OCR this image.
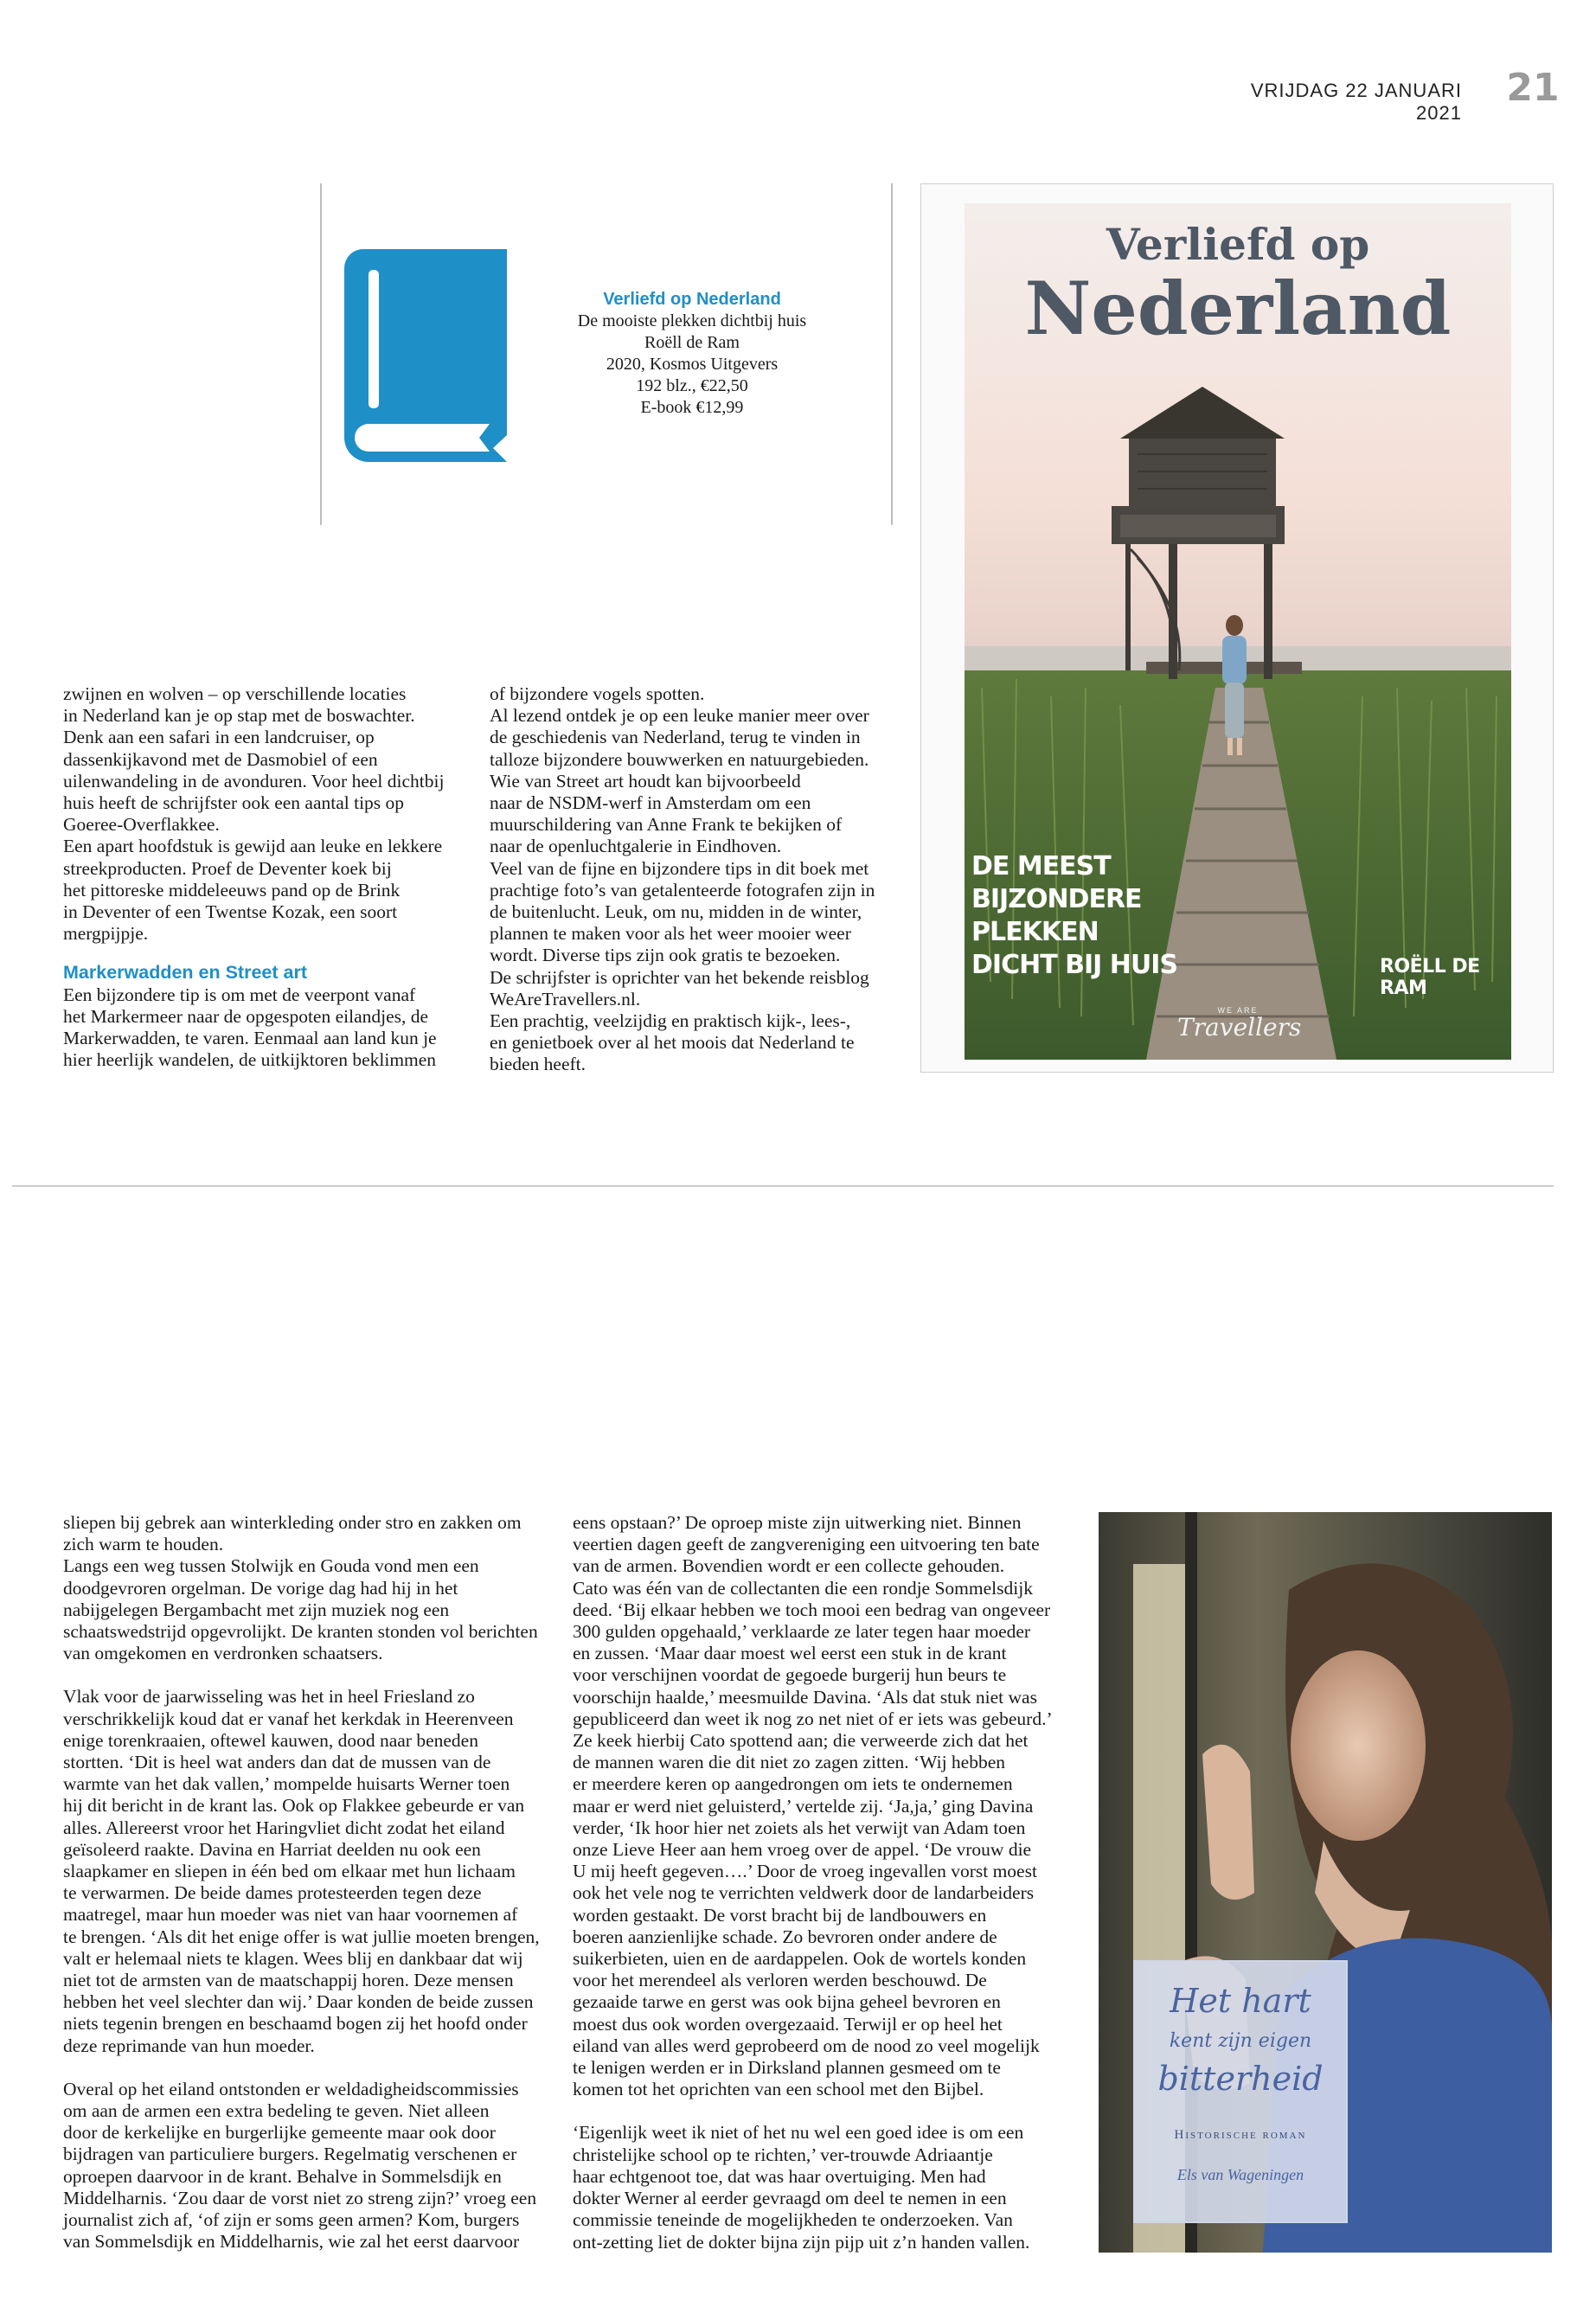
VRIJDAG 22 JANUARI 2021
21
Verliefd op Nederland
De mooiste plekken dichtbij huis
Roëll de Ram
2020, Kosmos Uitgevers
192 blz., €22,50
E-book €12,99
Verliefd op
Nederland
DE MEEST
BIJZONDERE
PLEKKEN
DICHT BIJ HUIS	ROËLL DE RAM
WE ARE
Travellers

zwijnen en wolven – op verschillende locaties

in Nederland kan je op stap met de boswachter.

Denk aan een safari in een landcruiser, op

dassenkijkavond met de Dasmobiel of een

uilenwandeling in de avonduren. Voor heel dichtbij

huis heeft de schrijfster ook een aantal tips op

Goeree-Overflakkee.

Een apart hoofdstuk is gewijd aan leuke en lekkere

streekproducten. Proef de Deventer koek bij

het pittoreske middeleeuws pand op de Brink

in Deventer of een Twentse Kozak, een soort

mergpijpje.

Markerwadden en Street art

Een bijzondere tip is om met de veerpont vanaf

het Markermeer naar de opgespoten eilandjes, de

Markerwadden, te varen. Eenmaal aan land kun je

hier heerlijk wandelen, de uitkijktoren beklimmen

of bijzondere vogels spotten.

Al lezend ontdek je op een leuke manier meer over

de geschiedenis van Nederland, terug te vinden in

talloze bijzondere bouwwerken en natuurgebieden.

Wie van Street art houdt kan bijvoorbeeld

naar de NSDM-werf in Amsterdam om een

muurschildering van Anne Frank te bekijken of

naar de openluchtgalerie in Eindhoven.

Veel van de fijne en bijzondere tips in dit boek met

prachtige foto’s van getalenteerde fotografen zijn in

de buitenlucht. Leuk, om nu, midden in de winter,

plannen te maken voor als het weer mooier weer

wordt. Diverse tips zijn ook gratis te bezoeken.

De schrijfster is oprichter van het bekende reisblog

WeAreTravellers.nl.

Een prachtig, veelzijdig en praktisch kijk-, lees-,

en genietboek over al het moois dat Nederland te

bieden heeft.

sliepen bij gebrek aan winterkleding onder stro en zakken om

zich warm te houden.

Langs een weg tussen Stolwijk en Gouda vond men een

doodgevroren orgelman. De vorige dag had hij in het

nabijgelegen Bergambacht met zijn muziek nog een

schaatswedstrijd opgevrolijkt. De kranten stonden vol berichten

van omgekomen en verdronken schaatsers.

Vlak voor de jaarwisseling was het in heel Friesland zo

verschrikkelijk koud dat er vanaf het kerkdak in Heerenveen

enige torenkraaien, oftewel kauwen, dood naar beneden

stortten. ‘Dit is heel wat anders dan dat de mussen van de

warmte van het dak vallen,’ mompelde huisarts Werner toen

hij dit bericht in de krant las. Ook op Flakkee gebeurde er van

alles. Allereerst vroor het Haringvliet dicht zodat het eiland

geïsoleerd raakte. Davina en Harriat deelden nu ook een

slaapkamer en sliepen in één bed om elkaar met hun lichaam

te verwarmen. De beide dames protesteerden tegen deze

maatregel, maar hun moeder was niet van haar voornemen af

te brengen. ‘Als dit het enige offer is wat jullie moeten brengen,

valt er helemaal niets te klagen. Wees blij en dankbaar dat wij

niet tot de armsten van de maatschappij horen. Deze mensen

hebben het veel slechter dan wij.’ Daar konden de beide zussen

niets tegenin brengen en beschaamd bogen zij het hoofd onder

deze reprimande van hun moeder.

Overal op het eiland ontstonden er weldadigheidscommissies

om aan de armen een extra bedeling te geven. Niet alleen

door de kerkelijke en burgerlijke gemeente maar ook door

bijdragen van particuliere burgers. Regelmatig verschenen er

oproepen daarvoor in de krant. Behalve in Sommelsdijk en

Middelharnis. ‘Zou daar de vorst niet zo streng zijn?’ vroeg een

journalist zich af, ‘of zijn er soms geen armen? Kom, burgers

van Sommelsdijk en Middelharnis, wie zal het eerst daarvoor

eens opstaan?’ De oproep miste zijn uitwerking niet. Binnen

veertien dagen geeft de zangvereniging een uitvoering ten bate

van de armen. Bovendien wordt er een collecte gehouden.

Cato was één van de collectanten die een rondje Sommelsdijk

deed. ‘Bij elkaar hebben we toch mooi een bedrag van ongeveer

300 gulden opgehaald,’ verklaarde ze later tegen haar moeder

en zussen. ‘Maar daar moest wel eerst een stuk in de krant

voor verschijnen voordat de gegoede burgerij hun beurs te

voorschijn haalde,’ meesmuilde Davina. ‘Als dat stuk niet was

gepubliceerd dan weet ik nog zo net niet of er iets was gebeurd.’

Ze keek hierbij Cato spottend aan; die verweerde zich dat het

de mannen waren die dit niet zo zagen zitten. ‘Wij hebben

er meerdere keren op aangedrongen om iets te ondernemen

maar er werd niet geluisterd,’ vertelde zij. ‘Ja,ja,’ ging Davina

verder, ‘Ik hoor hier net zoiets als het verwijt van Adam toen

onze Lieve Heer aan hem vroeg over de appel. ‘De vrouw die

U mij heeft gegeven….’ Door de vroeg ingevallen vorst moest

ook het vele nog te verrichten veldwerk door de landarbeiders

worden gestaakt. De vorst bracht bij de landbouwers en

boeren aanzienlijke schade. Zo bevroren onder andere de

suikerbieten, uien en de aardappelen. Ook de wortels konden

voor het merendeel als verloren werden beschouwd. De

gezaaide tarwe en gerst was ook bijna geheel bevroren en

moest dus ook worden overgezaaid. Terwijl er op heel het

eiland van alles werd geprobeerd om de nood zo veel mogelijk

te lenigen werden er in Dirksland plannen gesmeed om te

komen tot het oprichten van een school met den Bijbel.

‘Eigenlijk weet ik niet of het nu wel een goed idee is om een

christelijke school op te richten,’ ver-trouwde Adriaantje

haar echtgenoot toe, dat was haar overtuiging. Men had

dokter Werner al eerder gevraagd om deel te nemen in een

commissie teneinde de mogelijkheden te onderzoeken. Van

ont-zetting liet de dokter bijna zijn pijp uit z’n handen vallen.

Het hart
kent zijn eigen
bitterheid
Historische roman
Els van Wageningen
